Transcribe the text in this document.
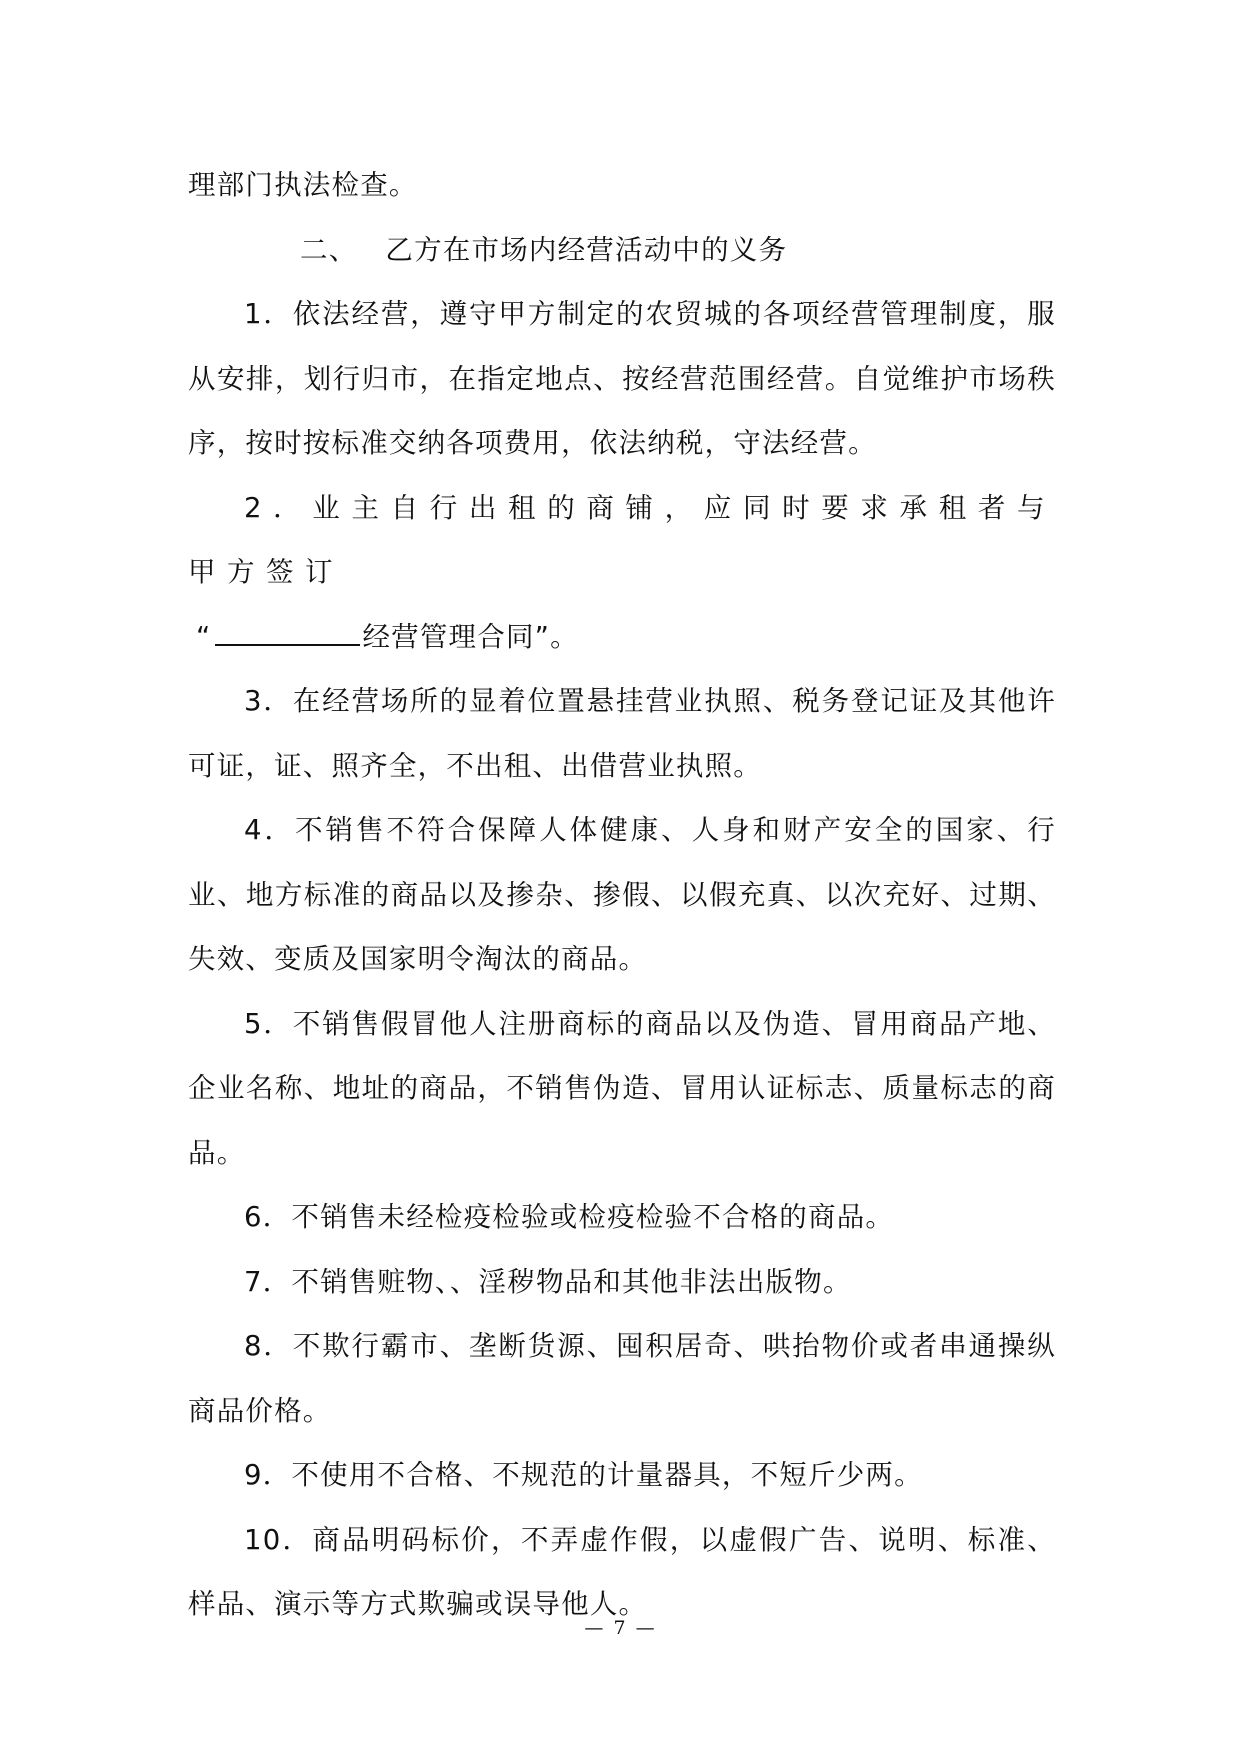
理部门执法检查。

二、 乙方在市场内经营活动中的义务

1．依法经营，遵守甲方制定的农贸城的各项经营管理制度，服从安排，划行归市，在指定地点、按经营范围经营。自觉维护市场秩序，按时按标准交纳各项费用，依法纳税，守法经营。

2．业主自行出租的商铺，应同时要求承租者与甲方签订

“	经营管理合同”。

3．在经营场所的显着位置悬挂营业执照、税务登记证及其他许可证，证、照齐全，不出租、出借营业执照。

4．不销售不符合保障人体健康、人身和财产安全的国家、行业、地方标准的商品以及掺杂、掺假、以假充真、以次充好、过期、失效、变质及国家明令淘汰的商品。

5．不销售假冒他人注册商标的商品以及伪造、冒用商品产地、企业名称、地址的商品，不销售伪造、冒用认证标志、质量标志的商品。

6．不销售未经检疫检验或检疫检验不合格的商品。

7．不销售赃物、、淫秽物品和其他非法出版物。

8．不欺行霸市、垄断货源、囤积居奇、哄抬物价或者串通操纵商品价格。

9．不使用不合格、不规范的计量器具，不短斤少两。

10．商品明码标价，不弄虚作假，以虚假广告、说明、标准、样品、演示等方式欺骗或误导他人。

— 7 —
